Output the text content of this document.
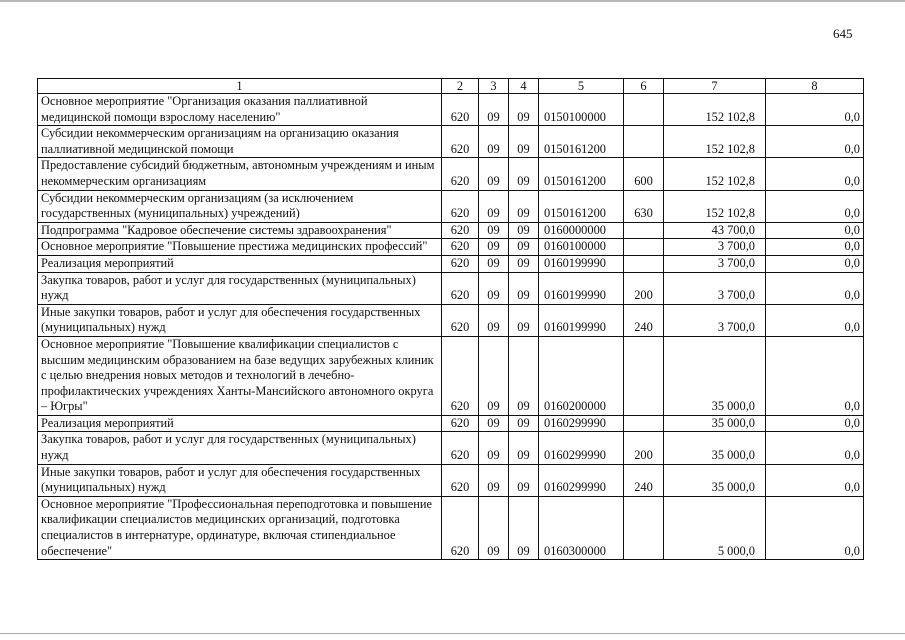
645
1	2	3	4	5	6	7	8
Основное мероприятие "Организация оказания паллиативной медицинской помощи взрослому населению"	620	09	09	0150100000		152 102,8	0,0
Субсидии некоммерческим организациям на организацию оказания паллиативной медицинской помощи	620	09	09	0150161200		152 102,8	0,0
Предоставление субсидий бюджетным, автономным учреждениям и иным некоммерческим организациям	620	09	09	0150161200	600	152 102,8	0,0
Субсидии некоммерческим организациям (за исключением государственных (муниципальных) учреждений)	620	09	09	0150161200	630	152 102,8	0,0
Подпрограмма "Кадровое обеспечение системы здравоохранения"	620	09	09	0160000000		43 700,0	0,0
Основное мероприятие "Повышение престижа медицинских профессий"	620	09	09	0160100000		3 700,0	0,0
Реализация мероприятий	620	09	09	0160199990		3 700,0	0,0
Закупка товаров, работ и услуг для государственных (муниципальных) нужд	620	09	09	0160199990	200	3 700,0	0,0
Иные закупки товаров, работ и услуг для обеспечения государственных (муниципальных) нужд	620	09	09	0160199990	240	3 700,0	0,0
Основное мероприятие "Повышение квалификации специалистов с высшим медицинским образованием на базе ведущих зарубежных клиник с целью внедрения новых методов и технологий в лечебно-профилактических учреждениях Ханты-Мансийского автономного округа – Югры"	620	09	09	0160200000		35 000,0	0,0
Реализация мероприятий	620	09	09	0160299990		35 000,0	0,0
Закупка товаров, работ и услуг для государственных (муниципальных) нужд	620	09	09	0160299990	200	35 000,0	0,0
Иные закупки товаров, работ и услуг для обеспечения государственных (муниципальных) нужд	620	09	09	0160299990	240	35 000,0	0,0
Основное мероприятие "Профессиональная переподготовка и повышение квалификации специалистов медицинских организаций, подготовка специалистов в интернатуре, ординатуре, включая стипендиальное обеспечение"	620	09	09	0160300000		5 000,0	0,0
